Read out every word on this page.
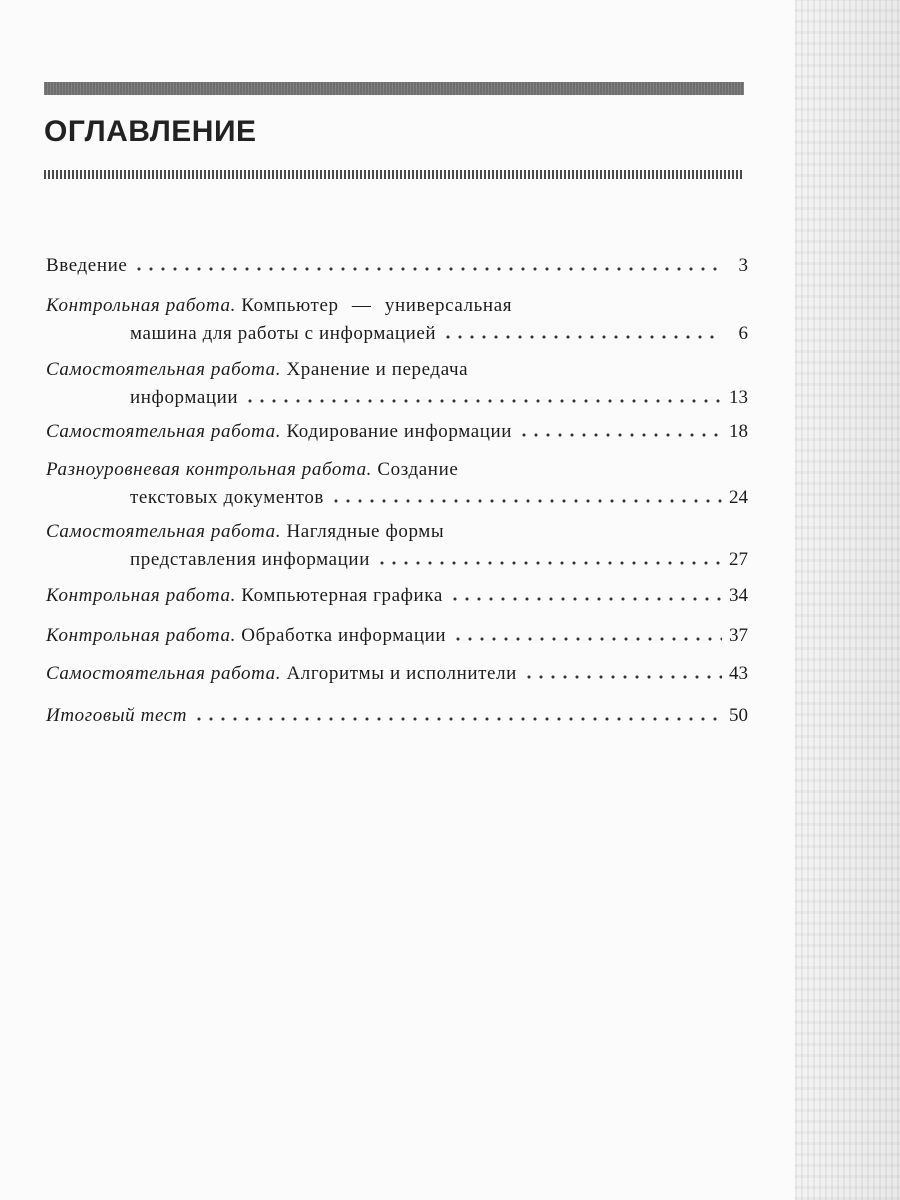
ОГЛАВЛЕНИЕ
Введение	3
Контрольная работа. Компьютер — универсальная
машина для работы с информацией	6
Самостоятельная работа. Хранение и передача
информации	13
Самостоятельная работа. Кодирование информации	18
Разноуровневая контрольная работа. Создание
текстовых документов	24
Самостоятельная работа. Наглядные формы
представления информации	27
Контрольная работа. Компьютерная графика	34
Контрольная работа. Обработка информации	37
Самостоятельная работа. Алгоритмы и исполнители	43
Итоговый тест	50
